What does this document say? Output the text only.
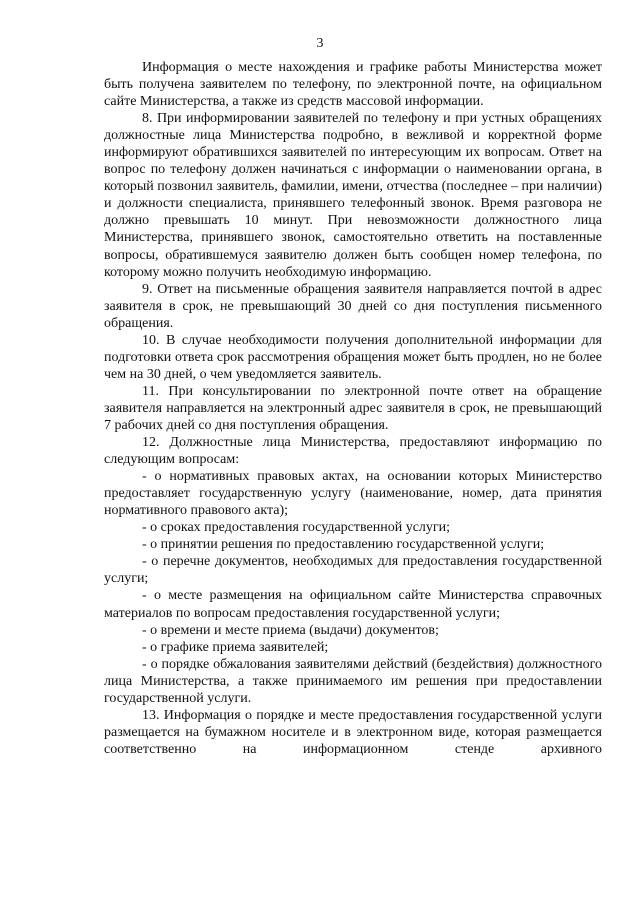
3

Информация о месте нахождения и графике работы Министерства может быть получена заявителем по телефону, по электронной почте, на официальном сайте Министерства, а также из средств массовой информации.

8. При информировании заявителей по телефону и при устных обращениях должностные лица Министерства подробно, в вежливой и корректной форме информируют обратившихся заявителей по интересующим их вопросам. Ответ на вопрос по телефону должен начинаться с информации о наименовании органа, в который позвонил заявитель, фамилии, имени, отчества (последнее – при наличии) и должности специалиста, принявшего телефонный звонок. Время разговора не должно превышать 10 минут. При невозможности должностного лица Министерства, принявшего звонок, самостоятельно ответить на поставленные вопросы, обратившемуся заявителю должен быть сообщен номер телефона, по которому можно получить необходимую информацию.

9. Ответ на письменные обращения заявителя направляется почтой в адрес заявителя в срок, не превышающий 30 дней со дня поступления письменного обращения.

10. В случае необходимости получения дополнительной информации для подготовки ответа срок рассмотрения обращения может быть продлен, но не более чем на 30 дней, о чем уведомляется заявитель.

11. При консультировании по электронной почте ответ на обращение заявителя направляется на электронный адрес заявителя в срок, не превышающий 7 рабочих дней со дня поступления обращения.

12. Должностные лица Министерства, предоставляют информацию по следующим вопросам:

- о нормативных правовых актах, на основании которых Министерство предоставляет государственную услугу (наименование, номер, дата принятия нормативного правового акта);

- о сроках предоставления государственной услуги;

- о принятии решения по предоставлению государственной услуги;

- о перечне документов, необходимых для предоставления государственной услуги;

- о месте размещения на официальном сайте Министерства справочных материалов по вопросам предоставления государственной услуги;

- о времени и месте приема (выдачи) документов;

- о графике приема заявителей;

- о порядке обжалования заявителями действий (бездействия) должностного лица Министерства, а также принимаемого им решения при предоставлении государственной услуги.

13. Информация о порядке и месте предоставления государственной услуги размещается на бумажном носителе и в электронном виде, которая размещается соответственно на информационном стенде архивного
